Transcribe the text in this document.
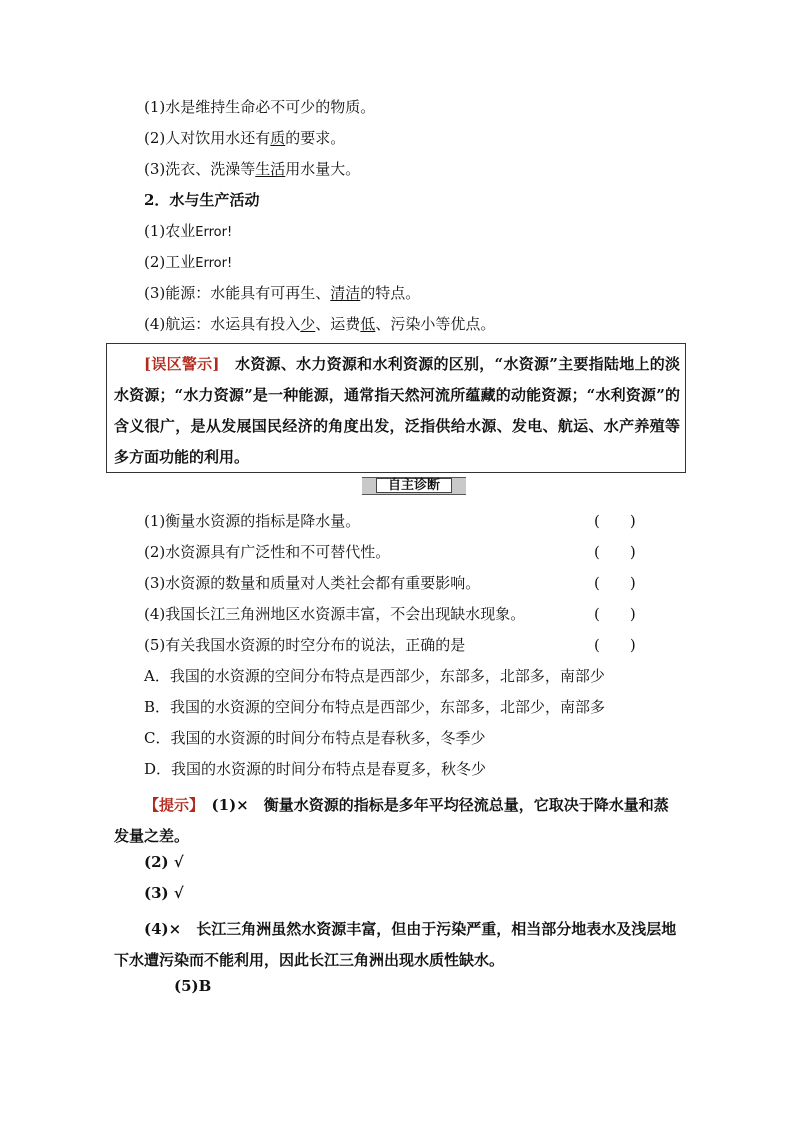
(1)水是维持生命必不可少的物质。
(2)人对饮用水还有质的要求。
(3)洗衣、洗澡等生活用水量大。
2．水与生产活动
(1)农业Error!
(2)工业Error!
(3)能源：水能具有可再生、清洁的特点。
(4)航运：水运具有投入少、运费低、污染小等优点。
[误区警示]　 水资源、水力资源和水利资源的区别，“水资源”主要指陆地上的淡水资源；“水力资源”是一种能源，通常指天然河流所蕴藏的动能资源；“水利资源”的含义很广，是从发展国民经济的角度出发，泛指供给水源、发电、航运、水产养殖等多方面功能的利用。
自主诊断
(1)衡量水资源的指标是降水量。	(　　)
(2)水资源具有广泛性和不可替代性。	(　　)
(3)水资源的数量和质量对人类社会都有重要影响。	(　　)
(4)我国长江三角洲地区水资源丰富，不会出现缺水现象。	(　　)
(5)有关我国水资源的时空分布的说法，正确的是	(　　)
A．我国的水资源的空间分布特点是西部少，东部多，北部多，南部少
B．我国的水资源的空间分布特点是西部少，东部多，北部少，南部多
C．我国的水资源的时间分布特点是春秋多，冬季少
D．我国的水资源的时间分布特点是春夏多，秋冬少
【提示】　 (1)×　衡量水资源的指标是多年平均径流总量，它取决于降水量和蒸发量之差。
(2) √
(3) √
(4)×　长江三角洲虽然水资源丰富，但由于污染严重，相当部分地表水及浅层地下水遭污染而不能利用，因此长江三角洲出现水质性缺水。
(5)B
